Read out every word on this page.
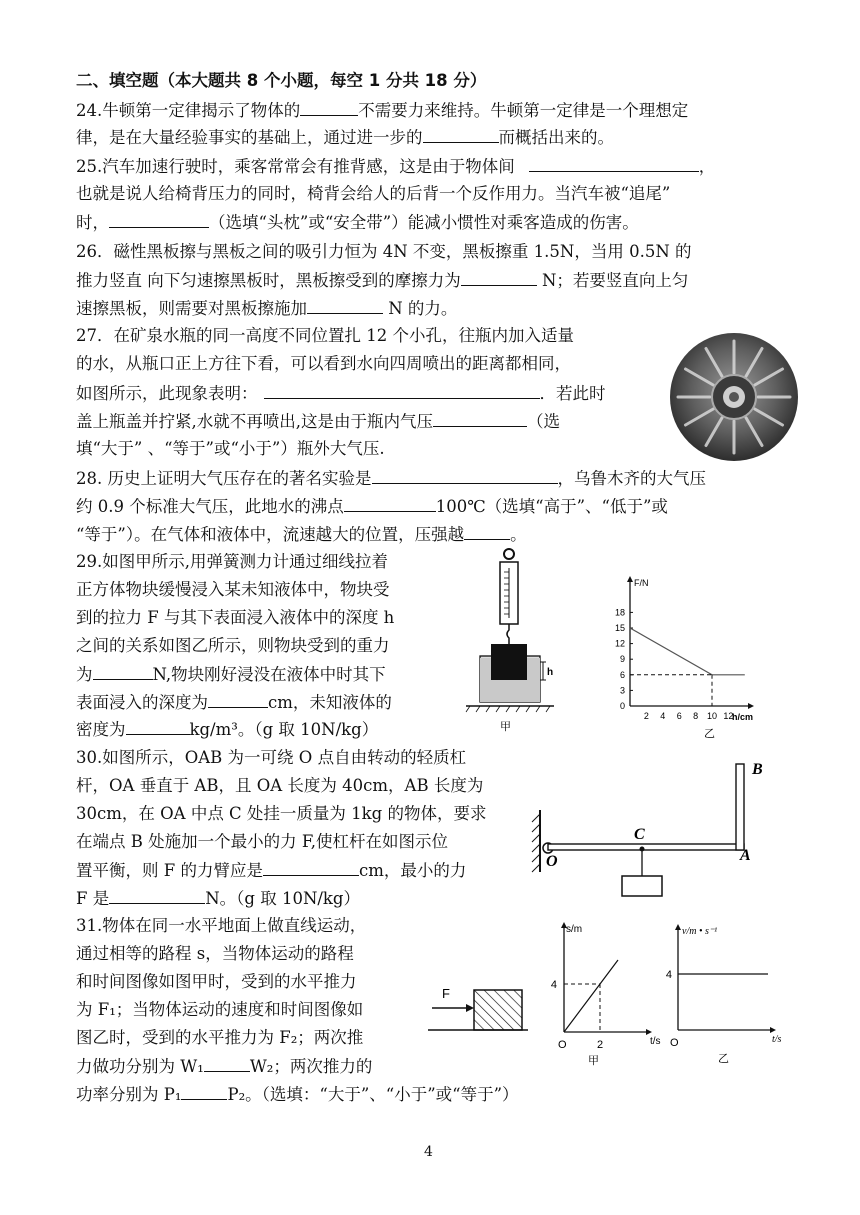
二、填空题（本大题共 8 个小题，每空 1 分共 18 分）
24.牛顿第一定律揭示了物体的	不需要力来维持。牛顿第一定律是一个理想定
律，是在大量经验事实的基础上，通过进一步的	而概括出来的。
25.汽车加速行驶时，乘客常常会有推背感，这是由于物体间	，
也就是说人给椅背压力的同时，椅背会给人的后背一个反作用力。当汽车被“追尾”
时，	（选填“头枕”或“安全带”）能减小惯性对乘客造成的伤害。
26．磁性黑板擦与黑板之间的吸引力恒为 4N 不变，黑板擦重 1.5N，当用 0.5N 的
推力竖直 向下匀速擦黑板时，黑板擦受到的摩擦力为	N；若要竖直向上匀
速擦黑板，则需要对黑板擦施加	N 的力。
27．在矿泉水瓶的同一高度不同位置扎 12 个小孔，往瓶内加入适量
的水，从瓶口正上方往下看，可以看到水向四周喷出的距离都相同，
如图所示，此现象表明：	．若此时
盖上瓶盖并拧紧,水就不再喷出,这是由于瓶内气压	（选
填“大于” 、“等于”或“小于”）瓶外大气压.
28. 历史上证明大气压存在的著名实验是	，乌鲁木齐的大气压
约 0.9 个标准大气压，此地水的沸点	100℃（选填“高于”、“低于”或
“等于”）。在气体和液体中，流速越大的位置，压强越	。
29.如图甲所示,用弹簧测力计通过细线拉着
正方体物块缓慢浸入某未知液体中，物块受
到的拉力 F 与其下表面浸入液体中的深度 h
之间的关系如图乙所示，则物块受到的重力
为	N,物块刚好浸没在液体中时其下
表面浸入的深度为	cm，未知液体的
密度为	kg/m³。（g 取 10N/kg）
h
甲
F/N
h/cm
0
3
6
9
12
15
18
2 4 6 8 10 12
乙
30.如图所示，OAB 为一可绕 O 点自由转动的轻质杠
杆，OA 垂直于 AB，且 OA 长度为 40cm，AB 长度为
30cm，在 OA 中点 C 处挂一质量为 1kg 的物体，要求
在端点 B 处施加一个最小的力 F,使杠杆在如图示位
置平衡，则 F 的力臂应是	cm，最小的力
F 是	N。（g 取 10N/kg）
B
C
O	A
31.物体在同一水平地面上做直线运动，
通过相等的路程 s，当物体运动的路程
和时间图像如图甲时，受到的水平推力
为 F₁；当物体运动的速度和时间图像如
图乙时，受到的水平推力为 F₂；两次推
力做功分别为 W₁	W₂；两次推力的
功率分别为 P₁	P₂。（选填：“大于”、“小于”或“等于”）
F
s/m
t/s
O
4
2
甲
v/m • s⁻¹
t/s
O
4
乙
4
